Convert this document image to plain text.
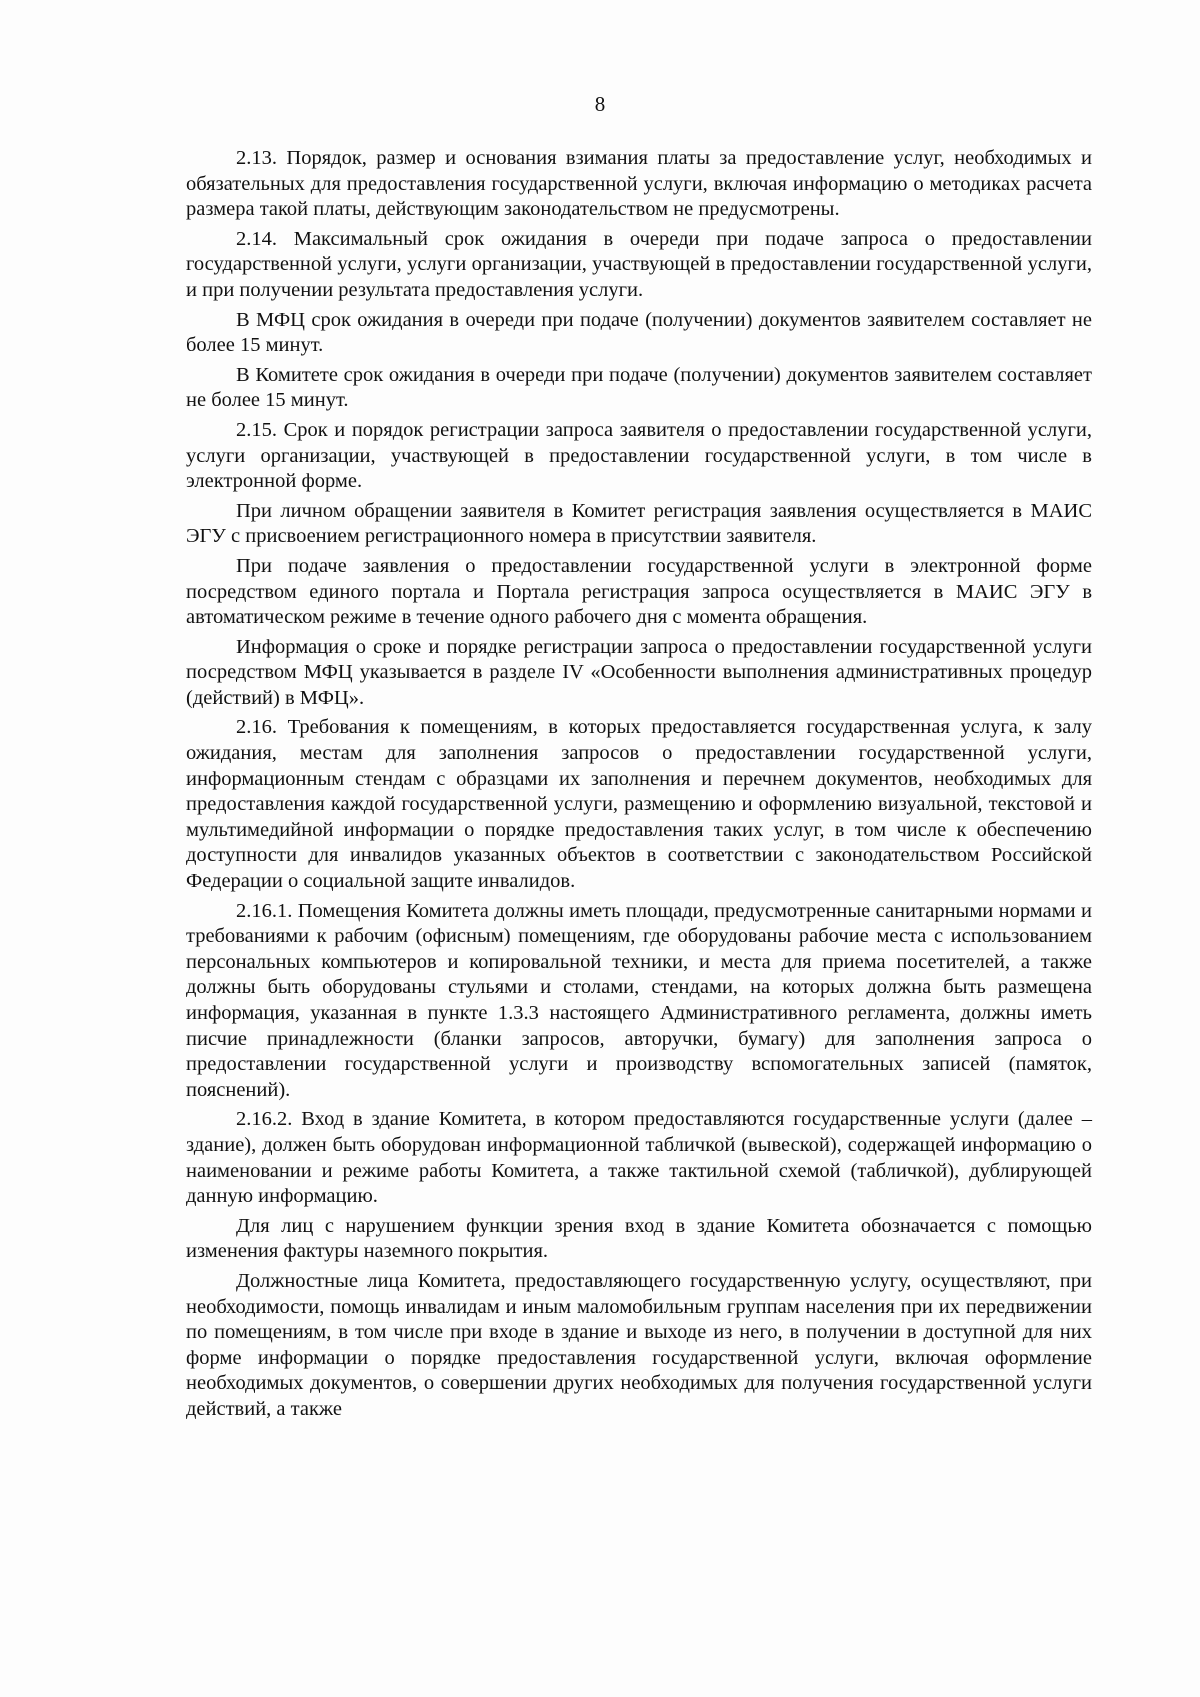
8

2.13. Порядок, размер и основания взимания платы за предоставление услуг, необходимых и обязательных для предоставления государственной услуги, включая информацию о методиках расчета размера такой платы, действующим законодательством не предусмотрены.

2.14. Максимальный срок ожидания в очереди при подаче запроса о предоставлении государственной услуги, услуги организации, участвующей в предоставлении государственной услуги, и при получении результата предоставления услуги.

В МФЦ срок ожидания в очереди при подаче (получении) документов заявителем составляет не более 15 минут.

В Комитете срок ожидания в очереди при подаче (получении) документов заявителем составляет не более 15 минут.

2.15. Срок и порядок регистрации запроса заявителя о предоставлении государственной услуги, услуги организации, участвующей в предоставлении государственной услуги, в том числе в электронной форме.

При личном обращении заявителя в Комитет регистрация заявления осуществляется в МАИС ЭГУ с присвоением регистрационного номера в присутствии заявителя.

При подаче заявления о предоставлении государственной услуги в электронной форме посредством единого портала и Портала регистрация запроса осуществляется в МАИС ЭГУ в автоматическом режиме в течение одного рабочего дня с момента обращения.

Информация о сроке и порядке регистрации запроса о предоставлении государственной услуги посредством МФЦ указывается в разделе IV «Особенности выполнения административных процедур (действий) в МФЦ».

2.16. Требования к помещениям, в которых предоставляется государственная услуга, к залу ожидания, местам для заполнения запросов о предоставлении государственной услуги, информационным стендам с образцами их заполнения и перечнем документов, необходимых для предоставления каждой государственной услуги, размещению и оформлению визуальной, текстовой и мультимедийной информации о порядке предоставления таких услуг, в том числе к обеспечению доступности для инвалидов указанных объектов в соответствии с законодательством Российской Федерации о социальной защите инвалидов.

2.16.1. Помещения Комитета должны иметь площади, предусмотренные санитарными нормами и требованиями к рабочим (офисным) помещениям, где оборудованы рабочие места с использованием персональных компьютеров и копировальной техники, и места для приема посетителей, а также должны быть оборудованы стульями и столами, стендами, на которых должна быть размещена информация, указанная в пункте 1.3.3 настоящего Административного регламента, должны иметь писчие принадлежности (бланки запросов, авторучки, бумагу) для заполнения запроса о предоставлении государственной услуги и производству вспомогательных записей (памяток, пояснений).

2.16.2. Вход в здание Комитета, в котором предоставляются государственные услуги (далее – здание), должен быть оборудован информационной табличкой (вывеской), содержащей информацию о наименовании и режиме работы Комитета, а также тактильной схемой (табличкой), дублирующей данную информацию.

Для лиц с нарушением функции зрения вход в здание Комитета обозначается с помощью изменения фактуры наземного покрытия.

Должностные лица Комитета, предоставляющего государственную услугу, осуществляют, при необходимости, помощь инвалидам и иным маломобильным группам населения при их передвижении по помещениям, в том числе при входе в здание и выходе из него, в получении в доступной для них форме информации о порядке предоставления государственной услуги, включая оформление необходимых документов, о совершении других необходимых для получения государственной услуги действий, а также
